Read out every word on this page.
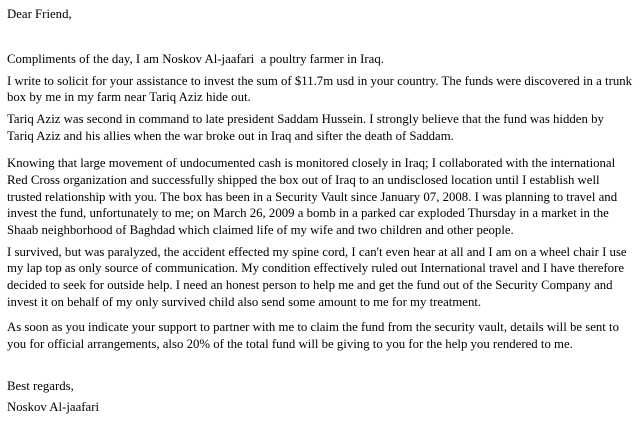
Dear Friend,

Compliments of the day, I am Noskov Al-jaafari  a poultry farmer in Iraq.

I write to solicit for your assistance to invest the sum of $11.7m usd in your country. The funds were discovered in a trunk
box by me in my farm near Tariq Aziz hide out.

Tariq Aziz was second in command to late president Saddam Hussein. I strongly believe that the fund was hidden by
Tariq Aziz and his allies when the war broke out in Iraq and sifter the death of Saddam.

Knowing that large movement of undocumented cash is monitored closely in Iraq; I collaborated with the international
Red Cross organization and successfully shipped the box out of Iraq to an undisclosed location until I establish well
trusted relationship with you. The box has been in a Security Vault since January 07, 2008. I was planning to travel and
invest the fund, unfortunately to me; on March 26, 2009 a bomb in a parked car exploded Thursday in a market in the
Shaab neighborhood of Baghdad which claimed life of my wife and two children and other people.

I survived, but was paralyzed, the accident effected my spine cord, I can't even hear at all and I am on a wheel chair I use
my lap top as only source of communication. My condition effectively ruled out International travel and I have therefore
decided to seek for outside help. I need an honest person to help me and get the fund out of the Security Company and
invest it on behalf of my only survived child also send some amount to me for my treatment.

As soon as you indicate your support to partner with me to claim the fund from the security vault, details will be sent to
you for official arrangements, also 20% of the total fund will be giving to you for the help you rendered to me.

Best regards,

Noskov Al-jaafari
